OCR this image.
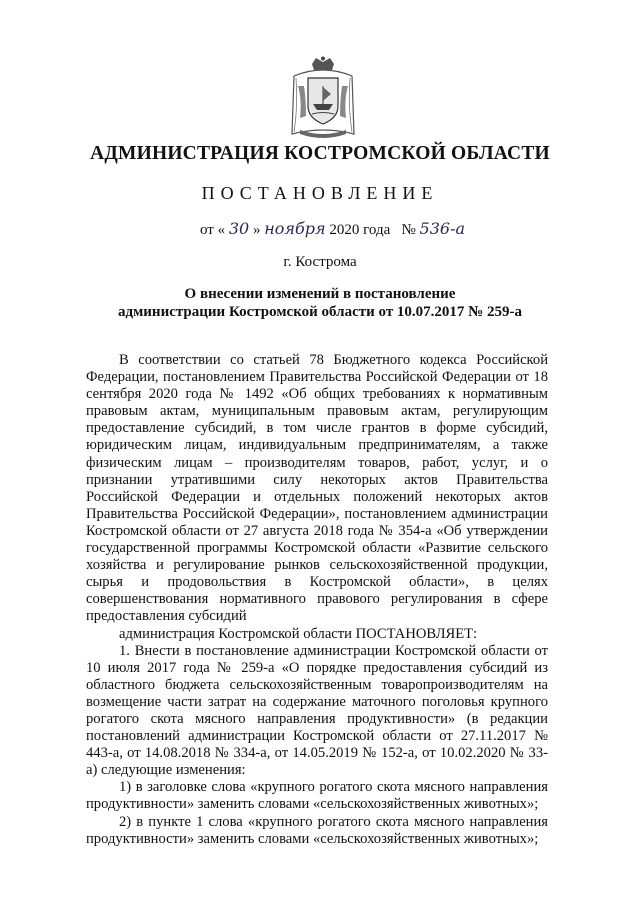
АДМИНИСТРАЦИЯ КОСТРОМСКОЙ ОБЛАСТИ
ПОСТАНОВЛЕНИЕ
от « 30 » ноября 2020 года № 536-а
г. Кострома
О внесении изменений в постановление
администрации Костромской области от 10.07.2017 № 259-а

В соответствии со статьей 78 Бюджетного кодекса Российской Федерации, постановлением Правительства Российской Федерации от 18 сентября 2020 года № 1492 «Об общих требованиях к нормативным правовым актам, муниципальным правовым актам, регулирующим предоставление субсидий, в том числе грантов в форме субсидий, юридическим лицам, индивидуальным предпринимателям, а также физическим лицам – производителям товаров, работ, услуг, и о признании утратившими силу некоторых актов Правительства Российской Федерации и отдельных положений некоторых актов Правительства Российской Федерации», постановлением администрации Костромской области от 27 августа 2018 года № 354-а «Об утверждении государственной программы Костромской области «Развитие сельского хозяйства и регулирование рынков сельскохозяйственной продукции, сырья и продовольствия в Костромской области», в целях совершенствования нормативного правового регулирования в сфере предоставления субсидий

администрация Костромской области ПОСТАНОВЛЯЕТ:

1. Внести в постановление администрации Костромской области от 10 июля 2017 года № 259-а «О порядке предоставления субсидий из областного бюджета сельскохозяйственным товаропроизводителям на возмещение части затрат на содержание маточного поголовья крупного рогатого скота мясного направления продуктивности» (в редакции постановлений администрации Костромской области от 27.11.2017 № 443-а, от 14.08.2018 № 334-а, от 14.05.2019 № 152-а, от 10.02.2020 № 33-а) следующие изменения:

1) в заголовке слова «крупного рогатого скота мясного направления продуктивности» заменить словами «сельскохозяйственных животных»;

2) в пункте 1 слова «крупного рогатого скота мясного направления продуктивности» заменить словами «сельскохозяйственных животных»;
